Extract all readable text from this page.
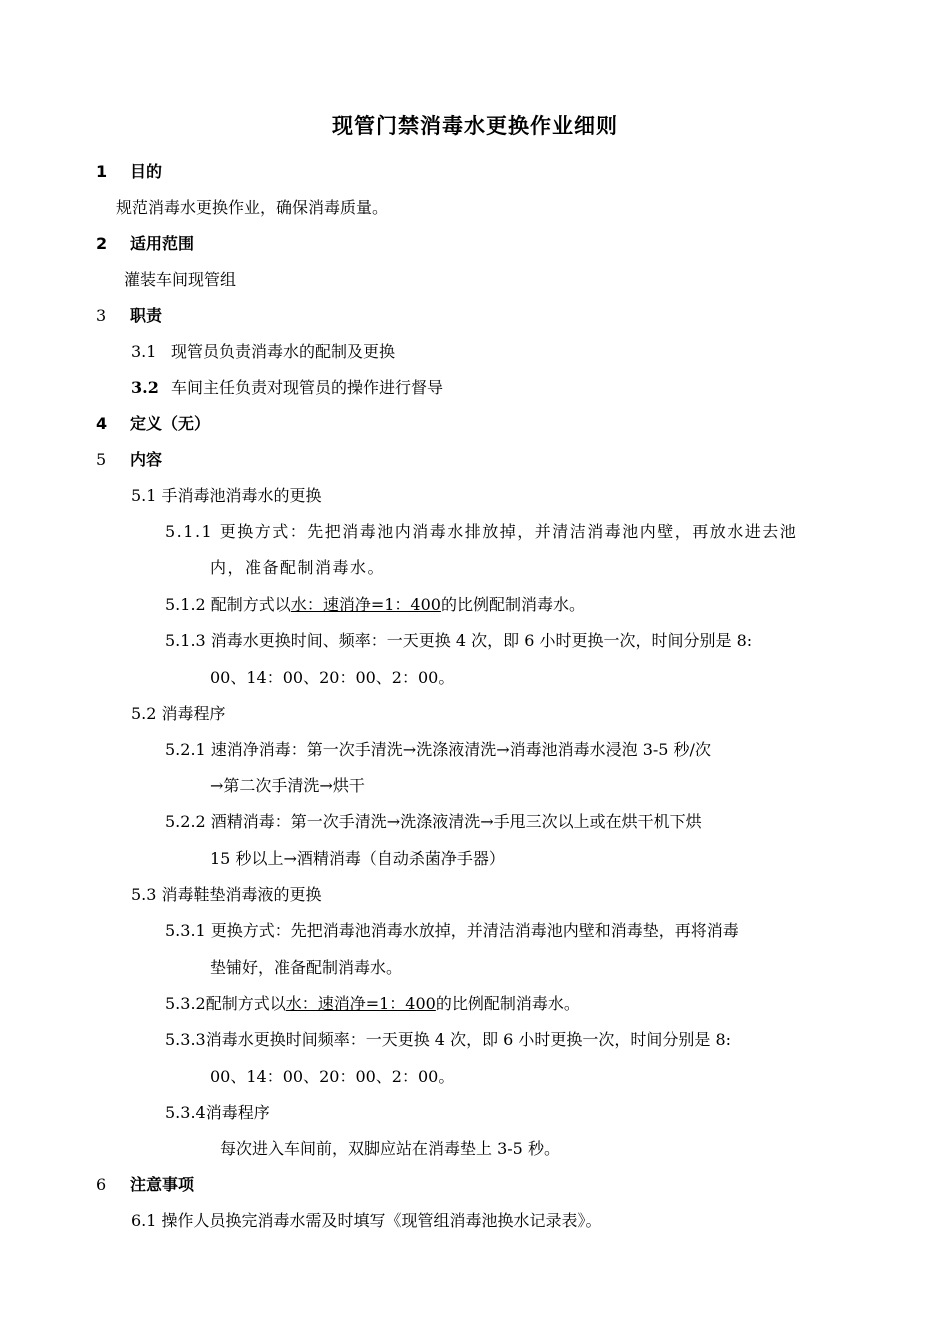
现管门禁消毒水更换作业细则
1 目的
规范消毒水更换作业，确保消毒质量。
2 适用范围
灌装车间现管组
3 职责
3.1 现管员负责消毒水的配制及更换
3.2 车间主任负责对现管员的操作进行督导
4 定义（无）
5 内容
5.1 手消毒池消毒水的更换
5.1.1 更换方式：先把消毒池内消毒水排放掉，并清洁消毒池内壁，再放水进去池
内，准备配制消毒水。
5.1.2 配制方式以水：速消净=1：400的比例配制消毒水。
5.1.3 消毒水更换时间、频率：一天更换 4 次，即 6 小时更换一次，时间分别是 8:
00、14：00、20：00、2：00。
5.2 消毒程序
5.2.1 速消净消毒：第一次手清洗→洗涤液清洗→消毒池消毒水浸泡 3-5 秒/次
→第二次手清洗→烘干
5.2.2 酒精消毒：第一次手清洗→洗涤液清洗→手甩三次以上或在烘干机下烘
15 秒以上→酒精消毒（自动杀菌净手器）
5.3 消毒鞋垫消毒液的更换
5.3.1 更换方式：先把消毒池消毒水放掉，并清洁消毒池内壁和消毒垫，再将消毒
垫铺好，准备配制消毒水。
5.3.2配制方式以水：速消净=1：400的比例配制消毒水。
5.3.3消毒水更换时间频率：一天更换 4 次，即 6 小时更换一次，时间分别是 8:
00、14：00、20：00、2：00。
5.3.4消毒程序
每次进入车间前，双脚应站在消毒垫上 3-5 秒。
6 注意事项
6.1 操作人员换完消毒水需及时填写《现管组消毒池换水记录表》。
